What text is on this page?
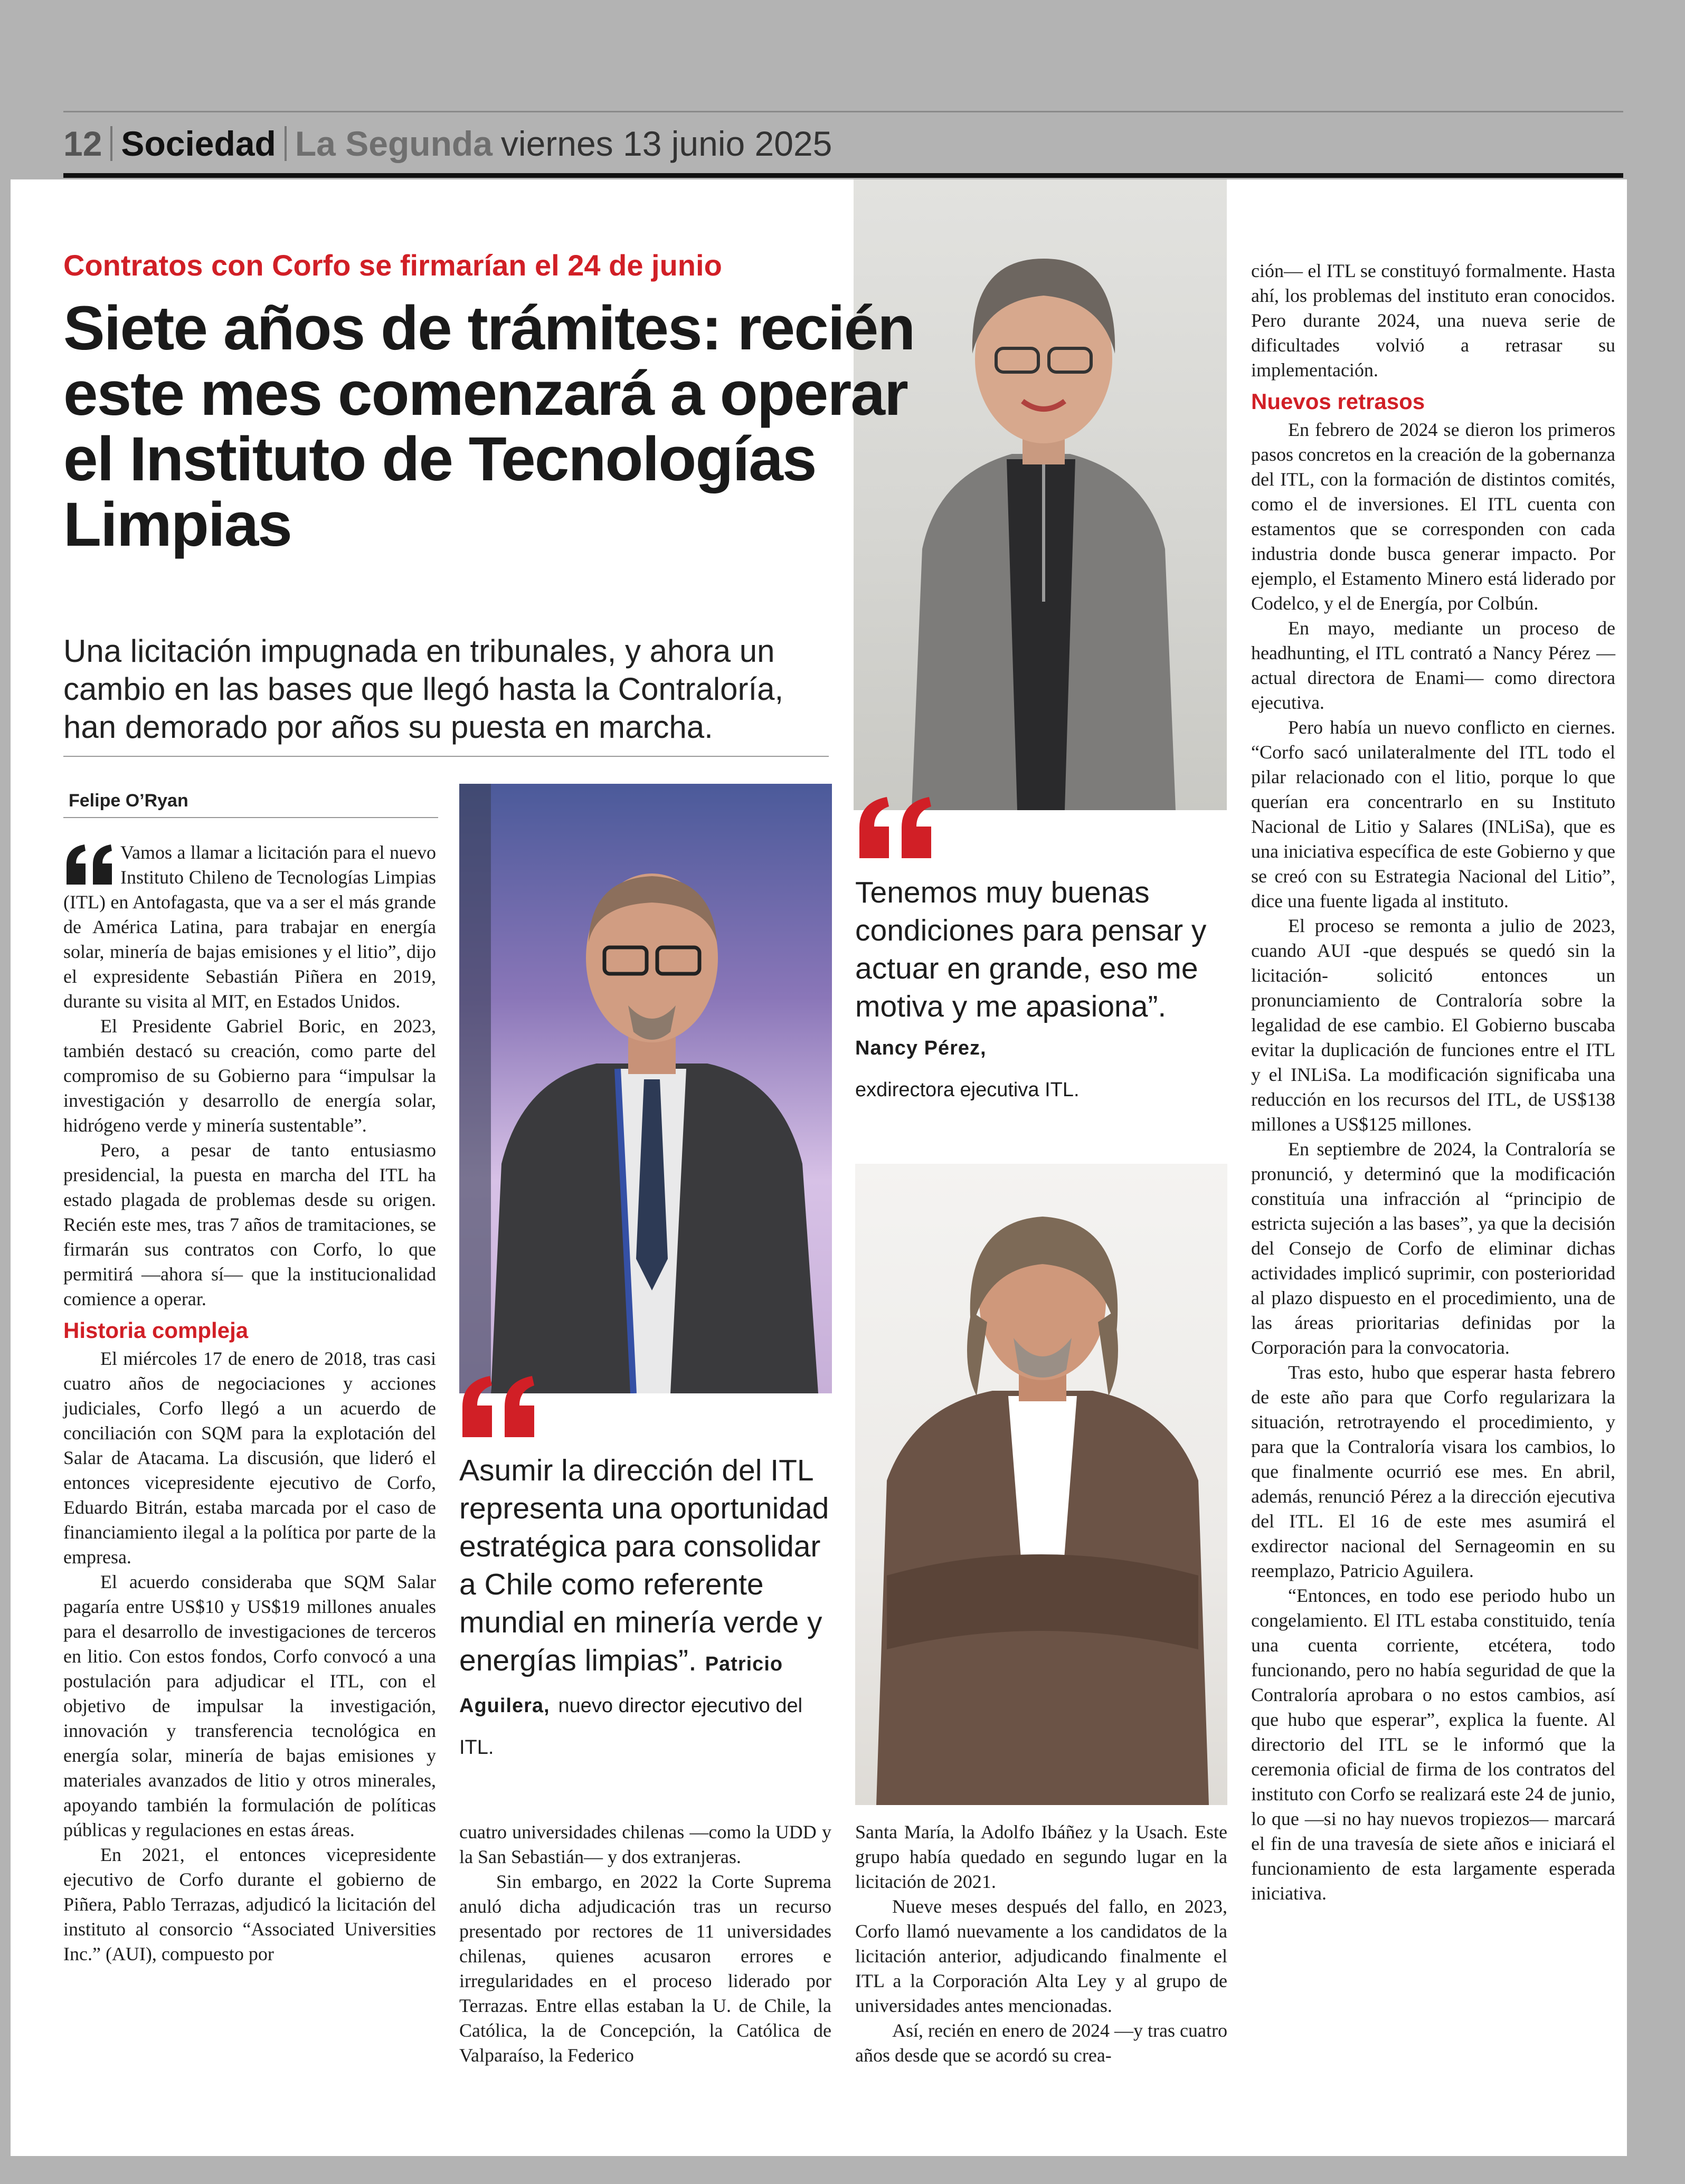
12 Sociedad La Segunda viernes 13 junio 2025
Contratos con Corfo se firmarían el 24 de junio
Siete años de trámites: recién este mes comenzará a operar el Instituto de Tecnologías Limpias

Una licitación impugnada en tribunales, y ahora un cambio en las bases que llegó hasta la Contraloría, han demorado por años su puesta en marcha.

Felipe O’Ryan

Vamos a llamar a licitación para el nuevo Instituto Chileno de Tecnologías Limpias (ITL) en Antofagasta, que va a ser el más grande de América Latina, para trabajar en energía solar, minería de bajas emisiones y el litio”, dijo el expresidente Sebastián Piñera en 2019, durante su visita al MIT, en Estados Unidos.

El Presidente Gabriel Boric, en 2023, también destacó su creación, como parte del compromiso de su Gobierno para “impulsar la investigación y desarrollo de energía solar, hidrógeno verde y minería sustentable”.

Pero, a pesar de tanto entusiasmo presidencial, la puesta en marcha del ITL ha estado plagada de problemas desde su origen. Recién este mes, tras 7 años de tramitaciones, se firmarán sus contratos con Corfo, lo que permitirá —ahora sí— que la institucionalidad comience a operar.

Historia compleja

El miércoles 17 de enero de 2018, tras casi cuatro años de negociaciones y acciones judiciales, Corfo llegó a un acuerdo de conciliación con SQM para la explotación del Salar de Atacama. La discusión, que lideró el entonces vicepresidente ejecutivo de Corfo, Eduardo Bitrán, estaba marcada por el caso de financiamiento ilegal a la política por parte de la empresa.

El acuerdo consideraba que SQM Salar pagaría entre US$10 y US$19 millones anuales para el desarrollo de investigaciones de terceros en litio. Con estos fondos, Corfo convocó a una postulación para adjudicar el ITL, con el objetivo de impulsar la investigación, innovación y transferencia tecnológica en energía solar, minería de bajas emisiones y materiales avanzados de litio y otros minerales, apoyando también la formulación de políticas públicas y regulaciones en estas áreas.

En 2021, el entonces vicepresidente ejecutivo de Corfo durante el gobierno de Piñera, Pablo Terrazas, adjudicó la licitación del instituto al consorcio “Associated Universities Inc.” (AUI), compuesto por

Tenemos muy buenas condiciones para pensar y actuar en grande, eso me motiva y me apasiona”. Nancy Pérez,
exdirectora ejecutiva ITL.

Asumir la dirección del ITL representa una oportunidad estratégica para consolidar a Chile como referente mundial en minería verde y energías limpias”. Patricio Aguilera, nuevo director ejecutivo del ITL.

cuatro universidades chilenas —como la UDD y la San Sebastián— y dos extranjeras.

Sin embargo, en 2022 la Corte Suprema anuló dicha adjudicación tras un recurso presentado por rectores de 11 universidades chilenas, quienes acusaron errores e irregularidades en el proceso liderado por Terrazas. Entre ellas estaban la U. de Chile, la Católica, la de Concepción, la Católica de Valparaíso, la Federico

Santa María, la Adolfo Ibáñez y la Usach. Este grupo había quedado en segundo lugar en la licitación de 2021.

Nueve meses después del fallo, en 2023, Corfo llamó nuevamente a los candidatos de la licitación anterior, adjudicando finalmente el ITL a la Corporación Alta Ley y al grupo de universidades antes mencionadas.

Así, recién en enero de 2024 —y tras cuatro años desde que se acordó su crea-

ción— el ITL se constituyó formalmente. Hasta ahí, los problemas del instituto eran conocidos. Pero durante 2024, una nueva serie de dificultades volvió a retrasar su implementación.

Nuevos retrasos

En febrero de 2024 se dieron los primeros pasos concretos en la creación de la gobernanza del ITL, con la formación de distintos comités, como el de inversiones. El ITL cuenta con estamentos que se corresponden con cada industria donde busca generar impacto. Por ejemplo, el Estamento Minero está liderado por Codelco, y el de Energía, por Colbún.

En mayo, mediante un proceso de headhunting, el ITL contrató a Nancy Pérez —actual directora de Enami— como directora ejecutiva.

Pero había un nuevo conflicto en ciernes. “Corfo sacó unilateralmente del ITL todo el pilar relacionado con el litio, porque lo que querían era concentrarlo en su Instituto Nacional de Litio y Salares (INLiSa), que es una iniciativa específica de este Gobierno y que se creó con su Estrategia Nacional del Litio”, dice una fuente ligada al instituto.

El proceso se remonta a julio de 2023, cuando AUI -que después se quedó sin la licitación- solicitó entonces un pronunciamiento de Contraloría sobre la legalidad de ese cambio. El Gobierno buscaba evitar la duplicación de funciones entre el ITL y el INLiSa. La modificación significaba una reducción en los recursos del ITL, de US$138 millones a US$125 millones.

En septiembre de 2024, la Contraloría se pronunció, y determinó que la modificación constituía una infracción al “principio de estricta sujeción a las bases”, ya que la decisión del Consejo de Corfo de eliminar dichas actividades implicó suprimir, con posterioridad al plazo dispuesto en el procedimiento, una de las áreas prioritarias definidas por la Corporación para la convocatoria.

Tras esto, hubo que esperar hasta febrero de este año para que Corfo regularizara la situación, retrotrayendo el procedimiento, y para que la Contraloría visara los cambios, lo que finalmente ocurrió ese mes. En abril, además, renunció Pérez a la dirección ejecutiva del ITL. El 16 de este mes asumirá el exdirector nacional del Sernageomin en su reemplazo, Patricio Aguilera.

“Entonces, en todo ese periodo hubo un congelamiento. El ITL estaba constituido, tenía una cuenta corriente, etcétera, todo funcionando, pero no había seguridad de que la Contraloría aprobara o no estos cambios, así que hubo que esperar”, explica la fuente. Al directorio del ITL se le informó que la ceremonia oficial de firma de los contratos del instituto con Corfo se realizará este 24 de junio, lo que —si no hay nuevos tropiezos— marcará el fin de una travesía de siete años e iniciará el funcionamiento de esta largamente esperada iniciativa.
